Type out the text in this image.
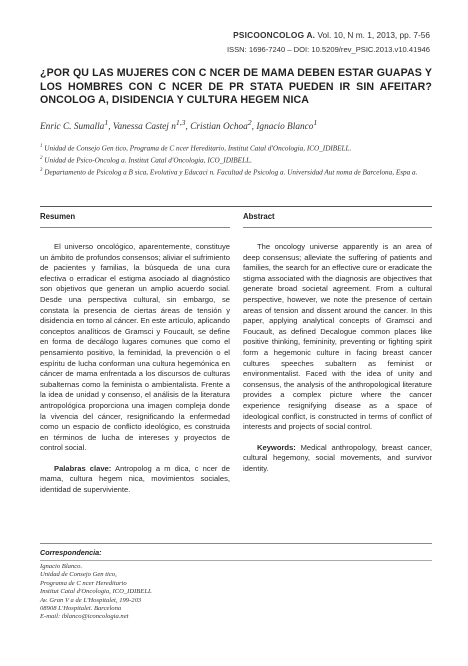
PSICOONCOLOG A. Vol. 10, N m. 1, 2013, pp. 7-56
ISSN: 1696-7240 – DOI: 10.5209/rev_PSIC.2013.v10.41946
¿POR QU LAS MUJERES CON C NCER DE MAMA DEBEN ESTAR GUAPAS Y LOS HOMBRES CON C NCER DE PR STATA PUEDEN IR SIN AFEITAR? ONCOLOG A, DISIDENCIA Y CULTURA HEGEM NICA
Enric C. Sumalla$^1$, Vanessa Castej $n^{1,3}$, Cristian Ochoa$^2$, Ignacio Blanco$^1$

$^1$ Unidad de Consejo Gen tico, Programa de C ncer Hereditario, Institut Catal d'Oncologia, ICO_IDIBELL.

$^2$ Unidad de Psico-Oncolog a. Institut Catal d'Oncologia, ICO_IDIBELL.

$^3$ Departamento de Psicolog a B sica, Evolutiva y Educaci n. Facultad de Psicolog a. Universidad Aut noma de Barcelona, Espa a.

Resumen

El universo oncológico, aparentemente, constituye un ámbito de profundos consensos; aliviar el sufrimiento de pacientes y familias, la búsqueda de una cura efectiva o erradicar el estigma asociado al diagnóstico son objetivos que generan un amplio acuerdo social. Desde una perspectiva cultural, sin embargo, se constata la presencia de ciertas áreas de tensión y disidencia en torno al cáncer. En este artículo, aplicando conceptos analíticos de Gramsci y Foucault, se define en forma de decálogo lugares comunes que como el pensamiento positivo, la feminidad, la prevención o el espíritu de lucha conforman una cultura hegemónica en cáncer de mama enfrentada a los discursos de culturas subalternas como la feminista o ambientalista. Frente a la idea de unidad y consenso, el análisis de la literatura antropológica proporciona una imagen compleja donde la vivencia del cáncer, resignificando la enfermedad como un espacio de conflicto ideológico, es construida en términos de lucha de intereses y proyectos de control social.

Palabras clave: Antropolog a m dica, c ncer de mama, cultura hegem nica, movimientos sociales, identidad de superviviente.

Abstract

The oncology universe apparently is an area of deep consensus; alleviate the suffering of patients and families, the search for an effective cure or eradicate the stigma associated with the diagnosis are objectives that generate broad societal agreement. From a cultural perspective, however, we note the presence of certain areas of tension and dissent around the cancer. In this paper, applying analytical concepts of Gramsci and Foucault, as defined Decalogue common places like positive thinking, femininity, preventing or fighting spirit form a hegemonic culture in facing breast cancer cultures speeches subaltern as feminist or environmentalist. Faced with the idea of unity and consensus, the analysis of the anthropological literature provides a complex picture where the cancer experience resignifying disease as a space of ideological conflict, is constructed in terms of conflict of interests and projects of social control.

Keywords: Medical anthropology, breast cancer, cultural hegemony, social movements, and survivor identity.

Correspondencia:

Ignacio Blanco.

Unidad de Consejo Gen tico,

Programa de C ncer Hereditario

Institut Catal d'Oncologia, ICO_IDIBELL

Av. Gran V a de L'Hospitalet, 199-203

08908 L'Hospitalet. Barcelona

E-mail: iblanco@iconcologia.net
